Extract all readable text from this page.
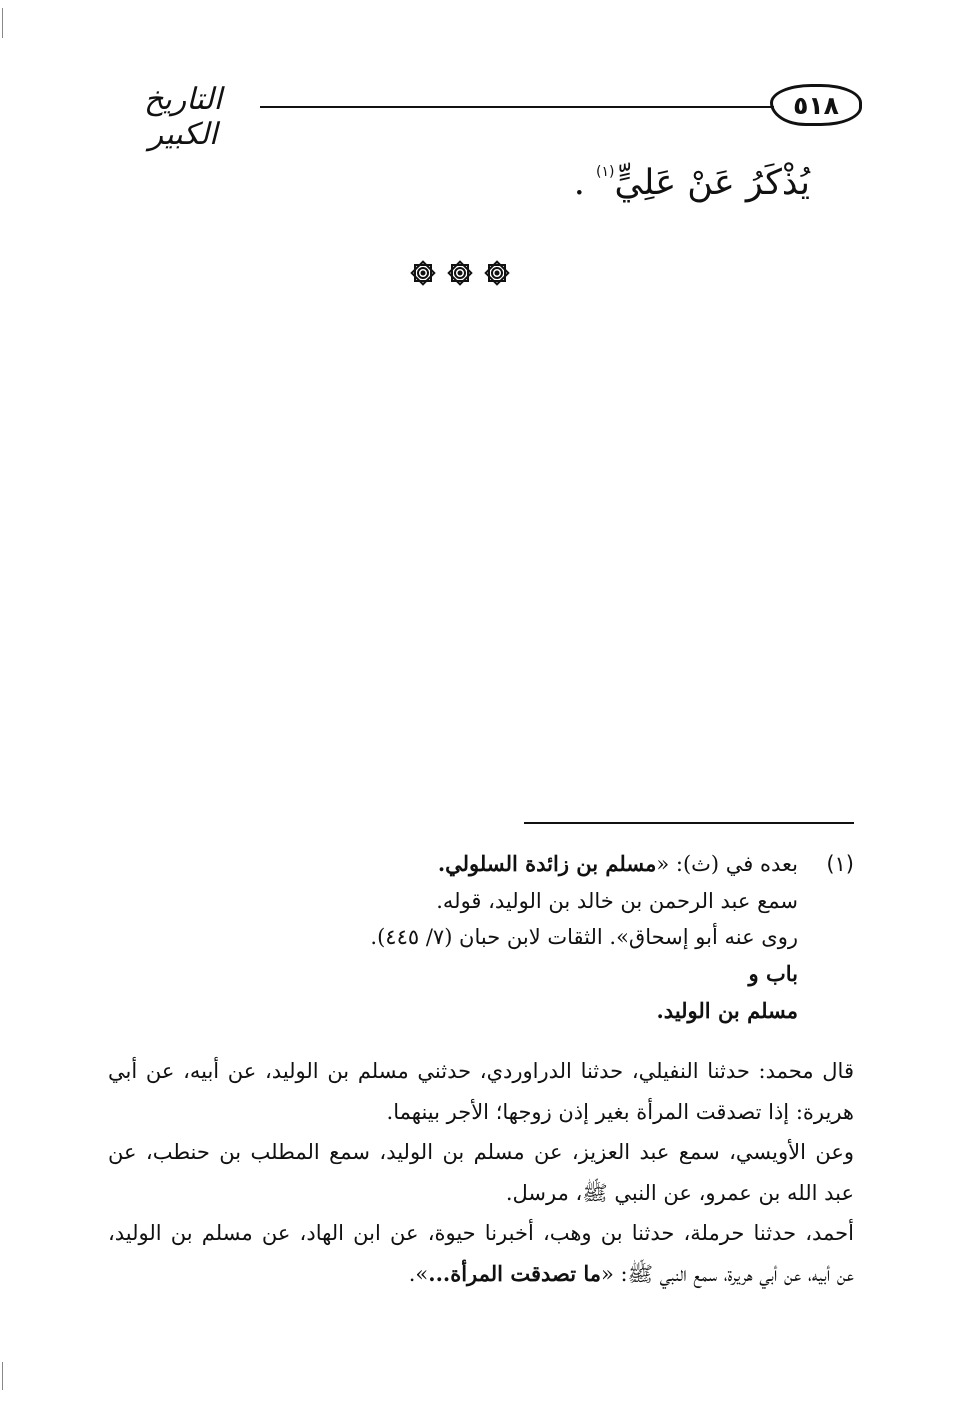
٥١٨
التاريخ الكبير
يُذْكَرُ عَنْ عَلِيٍّ$^{(١)}$ .
(١)
بعده في (ث): «مسلم بن زائدة السلولي.
سمع عبد الرحمن بن خالد بن الوليد، قوله.
روى عنه أبو إسحاق». الثقات لابن حبان (٧/ ٤٤٥).
باب و
مسلم بن الوليد.
قال محمد: حدثنا النفيلي، حدثنا الدراوردي، حدثني مسلم بن الوليد، عن أبيه، عن أبي
هريرة: إذا تصدقت المرأة بغير إذن زوجها؛ الأجر بينهما.
وعن الأويسي، سمع عبد العزيز، عن مسلم بن الوليد، سمع المطلب بن حنطب، عن
عبد الله بن عمرو، عن النبي ﷺ، مرسل.
أحمد، حدثنا حرملة، حدثنا بن وهب، أخبرنا حيوة، عن ابن الهاد، عن مسلم بن الوليد،
عن أبيه، عن أبي هريرة، سمع النبي ﷺ: «ما تصدقت المرأة...».
